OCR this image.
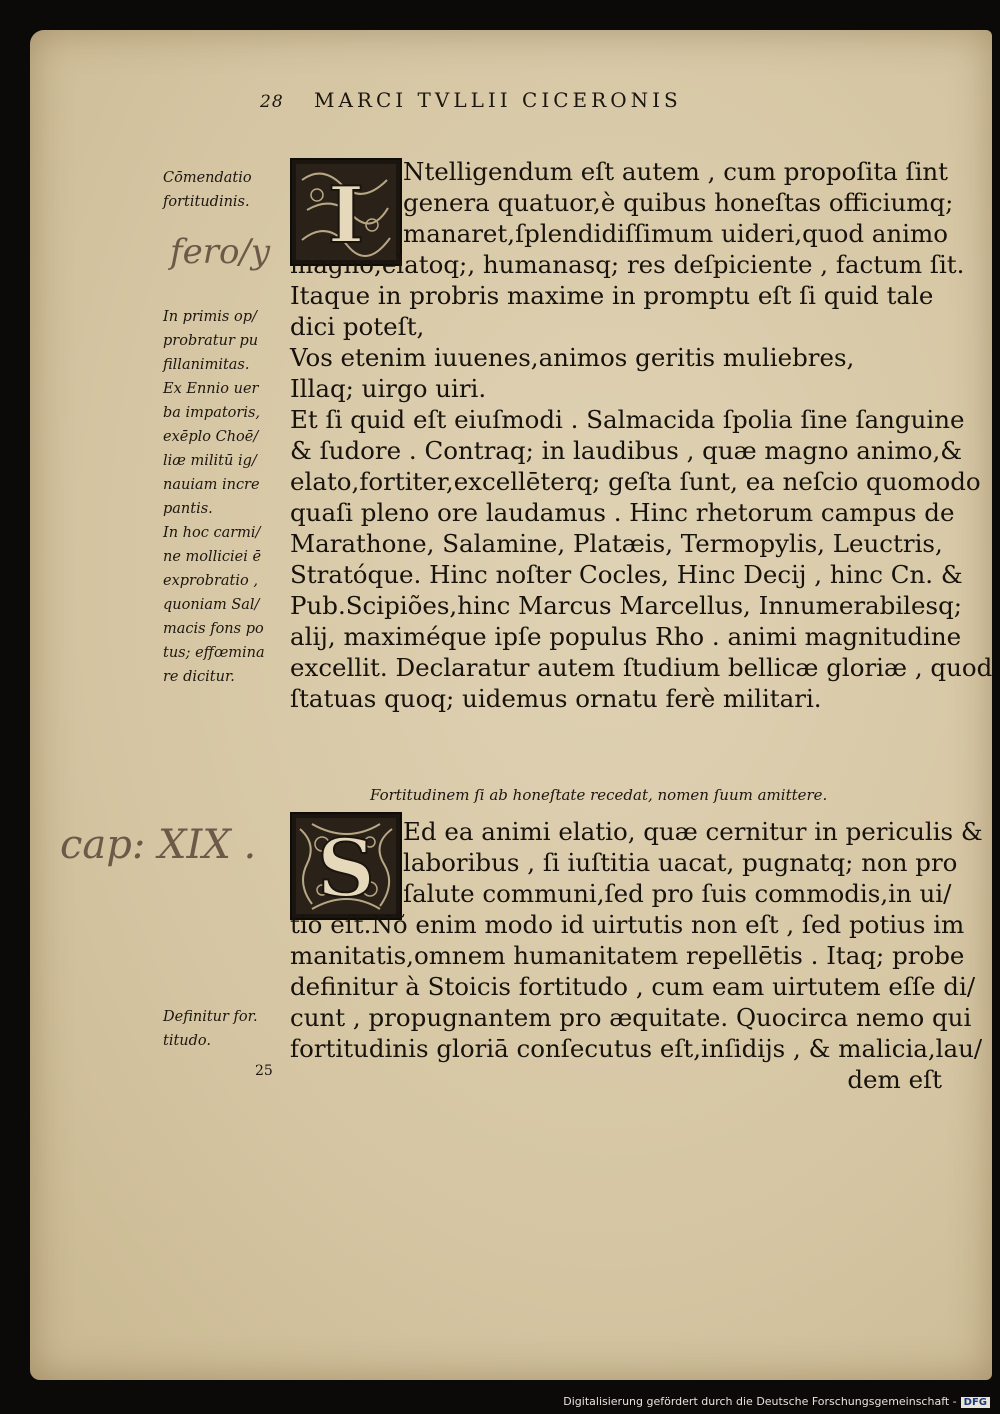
28 MARCI TVLLII CICERONIS
Cōmendatio
fortitudinis.
fero/y
In primis op/
probratur pu
fillanimitas.
Ex Ennio uer
ba impatoris,
exēplo Choē/
liæ militū ig/
nauiam incre
pantis.
In hoc carmi/
ne molliciei ē
exprobratio ,
quoniam Sal/
macis fons po
tus; effœmina
re dicitur.
cap: XIX .
Definitur for.
titudo.
I	Ntelligendum eſt autem , cum propoſita ſint
genera quatuor,è quibus honeſtas officiumq;
manaret,ſplendidiſſimum uideri,quod animo
magno,elatoq;, humanasq; res deſpiciente , factum ſit.
Itaque in probris maxime in promptu eſt ſi quid tale
dici poteſt,
Vos etenim iuuenes,animos geritis muliebres,
Illaq; uirgo uiri.
Et ſi quid eſt eiuſmodi . Salmacida ſpolia ſine ſanguine
& ſudore . Contraq; in laudibus , quæ magno animo,&
elato,fortiter,excellēterq; geſta ſunt, ea neſcio quomodo
quaſi pleno ore laudamus . Hinc rhetorum campus de
Marathone, Salamine, Platæis, Termopylis, Leuctris,
Stratóque. Hinc noſter Cocles, Hinc Decij , hinc Cn. &
Pub.Scipiões,hinc Marcus Marcellus, Innumerabilesq;
alij, maximéque ipſe populus Rho . animi magnitudine
excellit. Declaratur autem ſtudium bellicæ gloriæ , quod
ſtatuas quoq; uidemus ornatu ferè militari.
Fortitudinem ſi ab honeſtate recedat, nomen ſuum amittere.
S	Ed ea animi elatio, quæ cernitur in periculis &
laboribus , ſi iuſtitia uacat, pugnatq; non pro
ſalute communi,ſed pro ſuis commodis,in ui/
tio eſt.Nõ enim modo id uirtutis non eſt , ſed potius im
manitatis,omnem humanitatem repellētis . Itaq; probe
definitur à Stoicis fortitudo , cum eam uirtutem eſſe di/
cunt , propugnantem pro æquitate. Quocirca nemo qui
fortitudinis gloriā conſecutus eſt,inſidijs , & malicia,lau/
dem eſt
25
Digitalisierung gefördert durch die Deutsche Forschungsgemeinschaft - DFG
